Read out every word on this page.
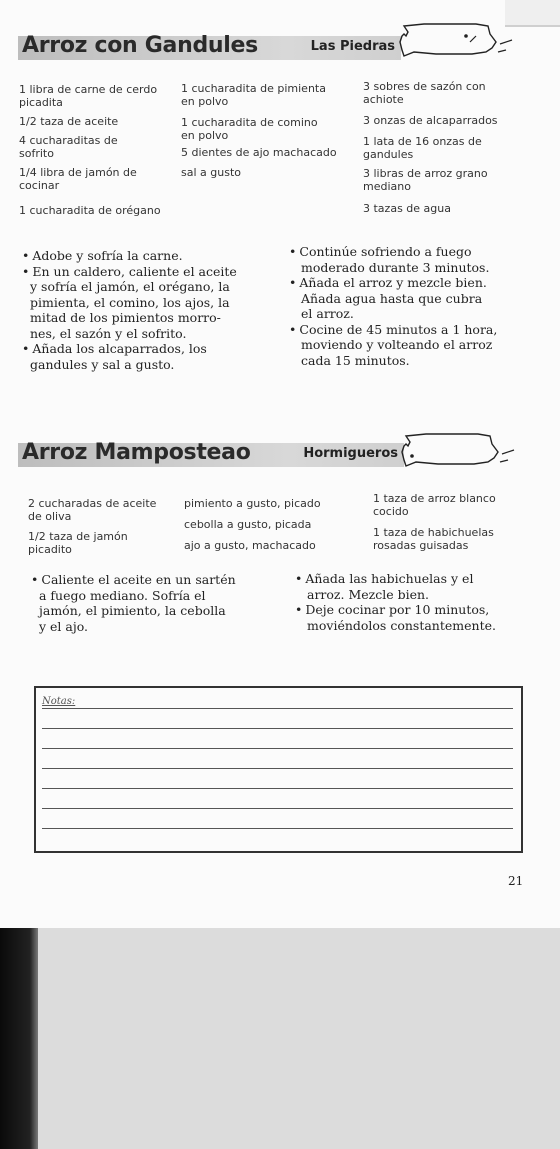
Arroz con Gandules	Las Piedras
1 libra de carne de cerdo
picadita
1/2 taza de aceite
4 cucharaditas de
sofrito
1/4 libra de jamón de
cocinar
1 cucharadita de orégano
1 cucharadita de pimienta
en polvo
1 cucharadita de comino
en polvo
5 dientes de ajo machacado
sal a gusto
3 sobres de sazón con
achiote
3 onzas de alcaparrados
1 lata de 16 onzas de
gandules
3 libras de arroz grano
mediano
3 tazas de agua
• Adobe y sofría la carne.
• En un caldero, caliente el aceite
y sofría el jamón, el orégano, la
pimienta, el comino, los ajos, la
mitad de los pimientos morro-
nes, el sazón y el sofrito.
• Añada los alcaparrados, los
gandules y sal a gusto.
• Continúe sofriendo a fuego
moderado durante 3 minutos.
• Añada el arroz y mezcle bien.
Añada agua hasta que cubra
el arroz.
• Cocine de 45 minutos a 1 hora,
moviendo y volteando el arroz
cada 15 minutos.
Arroz Mamposteao	Hormigueros
2 cucharadas de aceite
de oliva
1/2 taza de jamón
picadito
pimiento a gusto, picado
cebolla a gusto, picada
ajo a gusto, machacado
1 taza de arroz blanco
cocido
1 taza de habichuelas
rosadas guisadas
• Caliente el aceite en un sartén
a fuego mediano. Sofría el
jamón, el pimiento, la cebolla
y el ajo.
• Añada las habichuelas y el
arroz. Mezcle bien.
• Deje cocinar por 10 minutos,
moviéndolos constantemente.
Notas:
21
